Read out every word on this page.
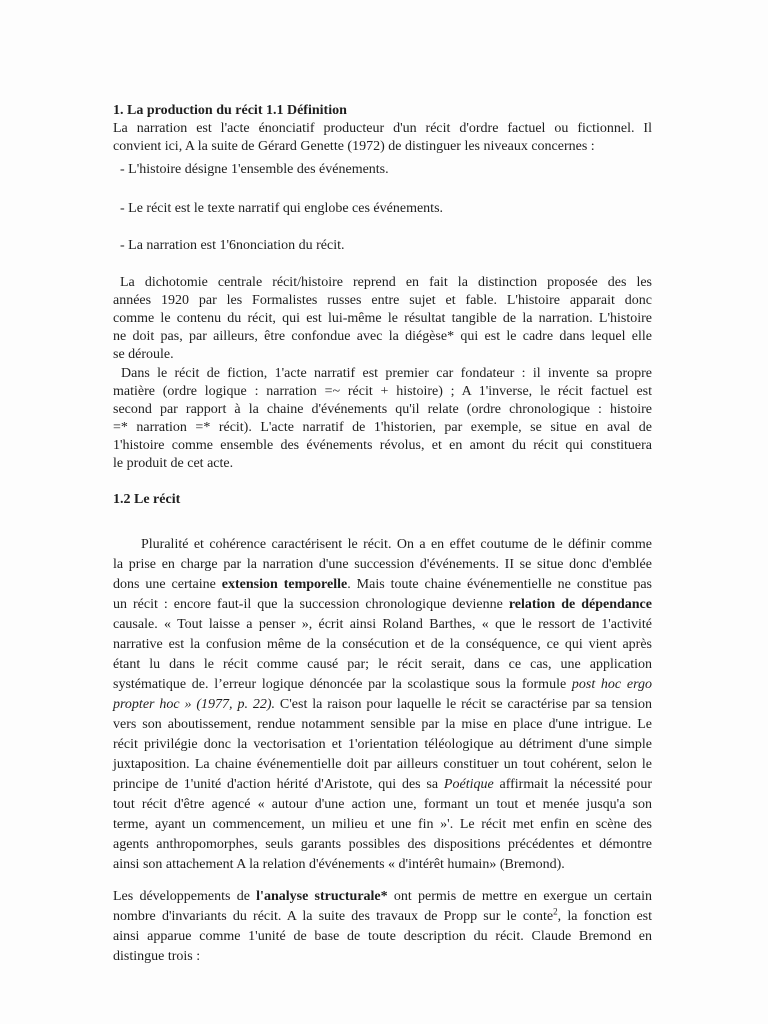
1. La production du récit 1.1 Définition
La narration est l'acte énonciatif producteur d'un récit d'ordre factuel ou fictionnel. Il
convient ici, A la suite de Gérard Genette (1972) de distinguer les niveaux concernes :
- L'histoire désigne 1'ensemble des événements.
- Le récit est le texte narratif qui englobe ces événements.
- La narration est 1'6nonciation du récit.
La dichotomie centrale récit/histoire reprend en fait la distinction proposée des les
années 1920 par les Formalistes russes entre sujet et fable. L'histoire apparait donc
comme le contenu du récit, qui est lui-même le résultat tangible de la narration. L'histoire
ne doit pas, par ailleurs, être confondue avec la diégèse* qui est le cadre dans lequel elle
se déroule.
Dans le récit de fiction, 1'acte narratif est premier car fondateur : il invente sa propre
matière (ordre logique : narration =~ récit + histoire) ; A 1'inverse, le récit factuel est
second par rapport à la chaine d'événements qu'il relate (ordre chronologique : histoire
=* narration =* récit). L'acte narratif de 1'historien, par exemple, se situe en aval de
1'histoire comme ensemble des événements révolus, et en amont du récit qui constituera
le produit de cet acte.
1.2 Le récit
Pluralité et cohérence caractérisent le récit. On a en effet coutume de le définir comme
la prise en charge par la narration d'une succession d'événements. II se situe donc d'emblée
dons une certaine extension temporelle. Mais toute chaine événementielle ne constitue pas
un récit : encore faut-il que la succession chronologique devienne relation de dépendance
causale. « Tout laisse a penser », écrit ainsi Roland Barthes, « que le ressort de 1'activité
narrative est la confusion même de la consécution et de la conséquence, ce qui vient après
étant lu dans le récit comme causé par; le récit serait, dans ce cas, une application
systématique de. l’erreur logique dénoncée par la scolastique sous la formule post hoc ergo
propter hoc » (1977, p. 22). C'est la raison pour laquelle le récit se caractérise par sa tension
vers son aboutissement, rendue notamment sensible par la mise en place d'une intrigue. Le
récit privilégie donc la vectorisation et 1'orientation téléologique au détriment d'une simple
juxtaposition. La chaine événementielle doit par ailleurs constituer un tout cohérent, selon le
principe de 1'unité d'action hérité d'Aristote, qui des sa Poétique affirmait la nécessité pour
tout récit d'être agencé « autour d'une action une, formant un tout et menée jusqu'a son
terme, ayant un commencement, un milieu et une fin »'. Le récit met enfin en scène des
agents anthropomorphes, seuls garants possibles des dispositions précédentes et démontre
ainsi son attachement A la relation d'événements « d'intérêt humain» (Bremond).
Les développements de l'analyse structurale* ont permis de mettre en exergue un certain
nombre d'invariants du récit. A la suite des travaux de Propp sur le conte$^2$, la fonction est
ainsi apparue comme 1'unité de base de toute description du récit. Claude Bremond en
distingue trois :
